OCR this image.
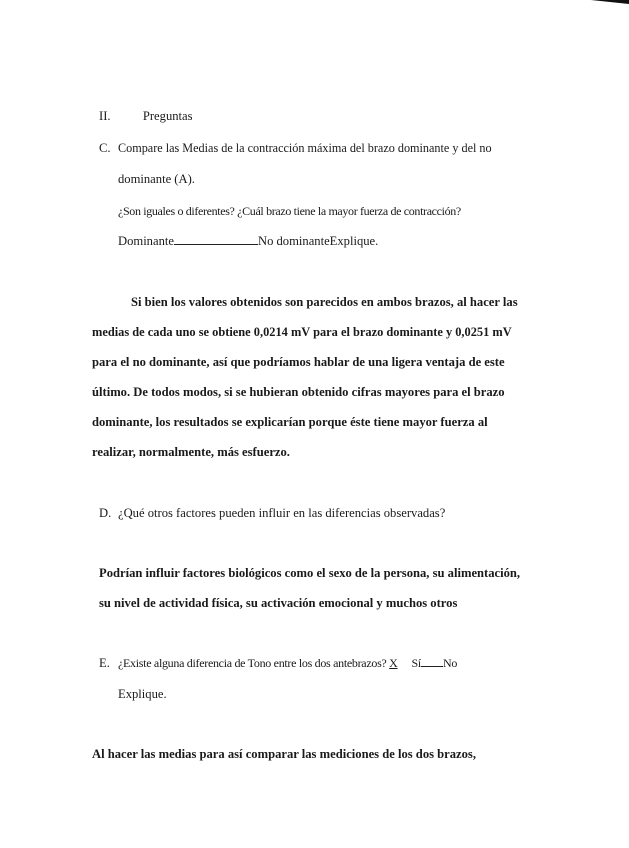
II.	Preguntas
C. Compare las Medias de la contracción máxima del brazo dominante y del no
dominante (A).
¿Son iguales o diferentes? ¿Cuál brazo tiene la mayor fuerza de contracción?
Dominante	No dominanteExplique.
Si bien los valores obtenidos son parecidos en ambos brazos, al hacer las
medias de cada uno se obtiene 0,0214 mV para el brazo dominante y 0,0251 mV
para el no dominante, así que podríamos hablar de una ligera ventaja de este
último. De todos modos, si se hubieran obtenido cifras mayores para el brazo
dominante, los resultados se explicarían porque éste tiene mayor fuerza al
realizar, normalmente, más esfuerzo.
D. ¿Qué otros factores pueden influir en las diferencias observadas?
Podrían influir factores biológicos como el sexo de la persona, su alimentación,
su nivel de actividad física, su activación emocional y muchos otros
E. ¿Existe alguna diferencia de Tono entre los dos antebrazos? X Sí No
Explique.
Al hacer las medias para así comparar las mediciones de los dos brazos,
